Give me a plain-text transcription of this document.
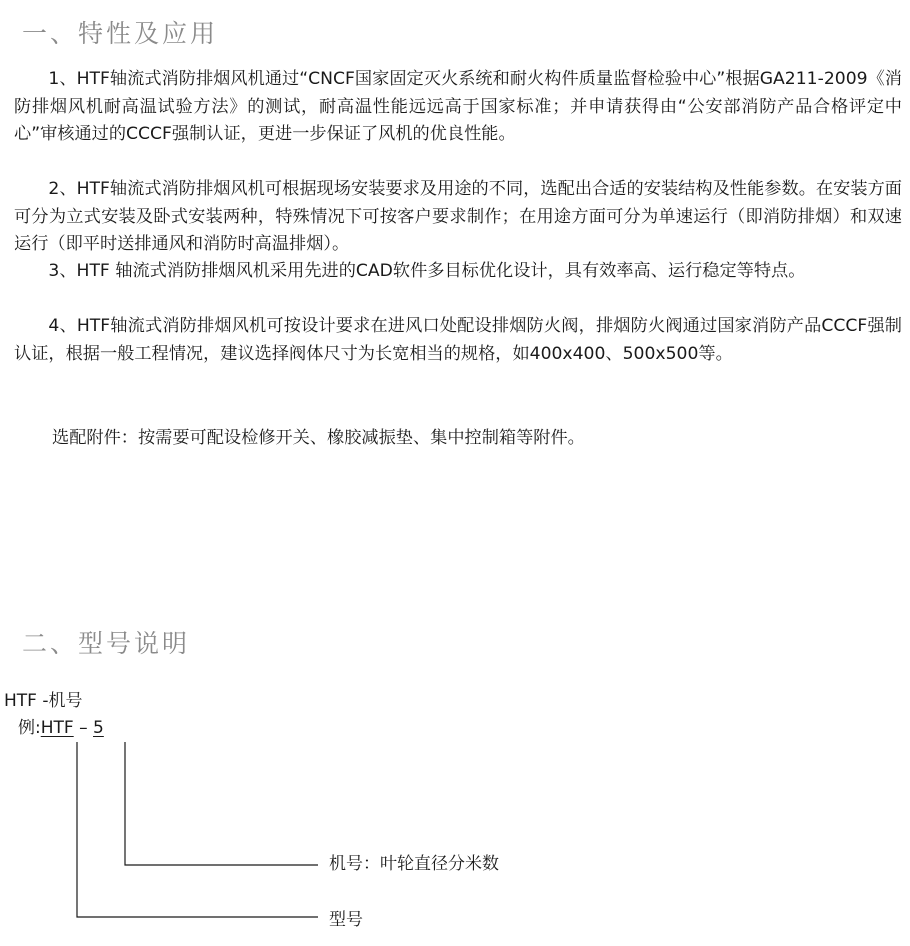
一、特性及应用

1、HTF轴流式消防排烟风机通过“CNCF国家固定灭火系统和耐火构件质量监督检验中心”根据GA211-2009《消防排烟风机耐高温试验方法》的测试，耐高温性能远远高于国家标准；并申请获得由“公安部消防产品合格评定中心”审核通过的CCCF强制认证，更进一步保证了风机的优良性能。

2、HTF轴流式消防排烟风机可根据现场安装要求及用途的不同，选配出合适的安装结构及性能参数。在安装方面可分为立式安装及卧式安装两种，特殊情况下可按客户要求制作；在用途方面可分为单速运行（即消防排烟）和双速运行（即平时送排通风和消防时高温排烟）。

3、HTF 轴流式消防排烟风机采用先进的CAD软件多目标优化设计，具有效率高、运行稳定等特点。

4、HTF轴流式消防排烟风机可按设计要求在进风口处配设排烟防火阀，排烟防火阀通过国家消防产品CCCF强制认证，根据一般工程情况，建议选择阀体尺寸为长宽相当的规格，如400x400、500x500等。

选配附件：按需要可配设检修开关、橡胶减振垫、集中控制箱等附件。

二、型号说明
HTF -机号
例:HTF – 5
机号：叶轮直径分米数
型号
